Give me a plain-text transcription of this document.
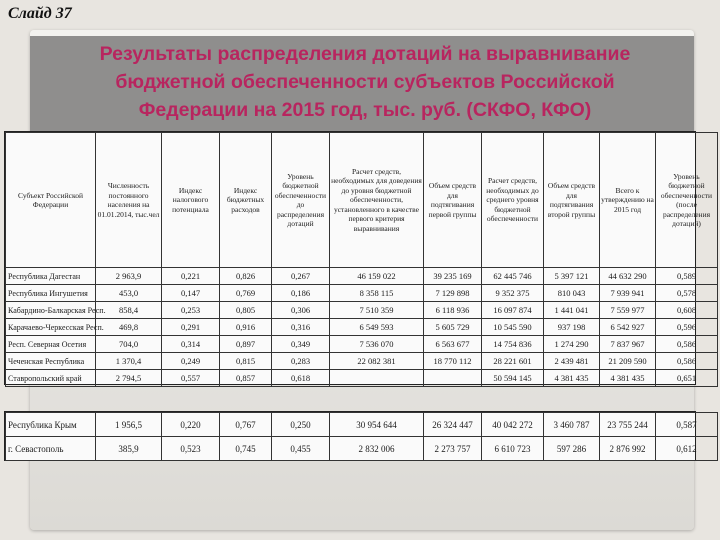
Слайд 37
Результаты распределения дотаций на выравнивание бюджетной обеспеченности субъектов Российской Федерации на 2015 год, тыс. руб. (СКФО, КФО)
Субъект Российской Федерации	Численность постоянного населения на 01.01.2014, тыс.чел	Индекс налогового потенциала	Индекс бюджетных расходов	Уровень бюджетной обеспеченности до распределения дотаций	Расчет средств, необходимых для доведения до уровня бюджетной обеспеченности, установленного в качестве первого критерия выравнивания	Объем средств для подтягивания первой группы	Расчет средств, необходимых до среднего уровня бюджетной обеспеченности	Объем средств для подтягивания второй группы	Всего к утверждению на 2015 год	Уровень бюджетной обеспеченности (после распределения дотаций)
Республика Дагестан	2 963,9	0,221	0,826	0,267	46 159 022	39 235 169	62 445 746	5 397 121	44 632 290	0,589
Республика Ингушетия	453,0	0,147	0,769	0,186	8 358 115	7 129 898	9 352 375	810 043	7 939 941	0,578
Кабардино-Балкарская Респ.	858,4	0,253	0,805	0,306	7 510 359	6 118 936	16 097 874	1 441 041	7 559 977	0,608
Карачаево-Черкесская Респ.	469,8	0,291	0,916	0,316	6 549 593	5 605 729	10 545 590	937 198	6 542 927	0,596
Респ. Северная Осетия	704,0	0,314	0,897	0,349	7 536 070	6 563 677	14 754 836	1 274 290	7 837 967	0,586
Чеченская Республика	1 370,4	0,249	0,815	0,283	22 082 381	18 770 112	28 221 601	2 439 481	21 209 590	0,586
Ставропольский край	2 794,5	0,557	0,857	0,618			50 594 145	4 381 435	4 381 435	0,651
Республика Крым	1 956,5	0,220	0,767	0,250	30 954 644	26 324 447	40 042 272	3 460 787	23 755 244	0,587
г. Севастополь	385,9	0,523	0,745	0,455	2 832 006	2 273 757	6 610 723	597 286	2 876 992	0,612
